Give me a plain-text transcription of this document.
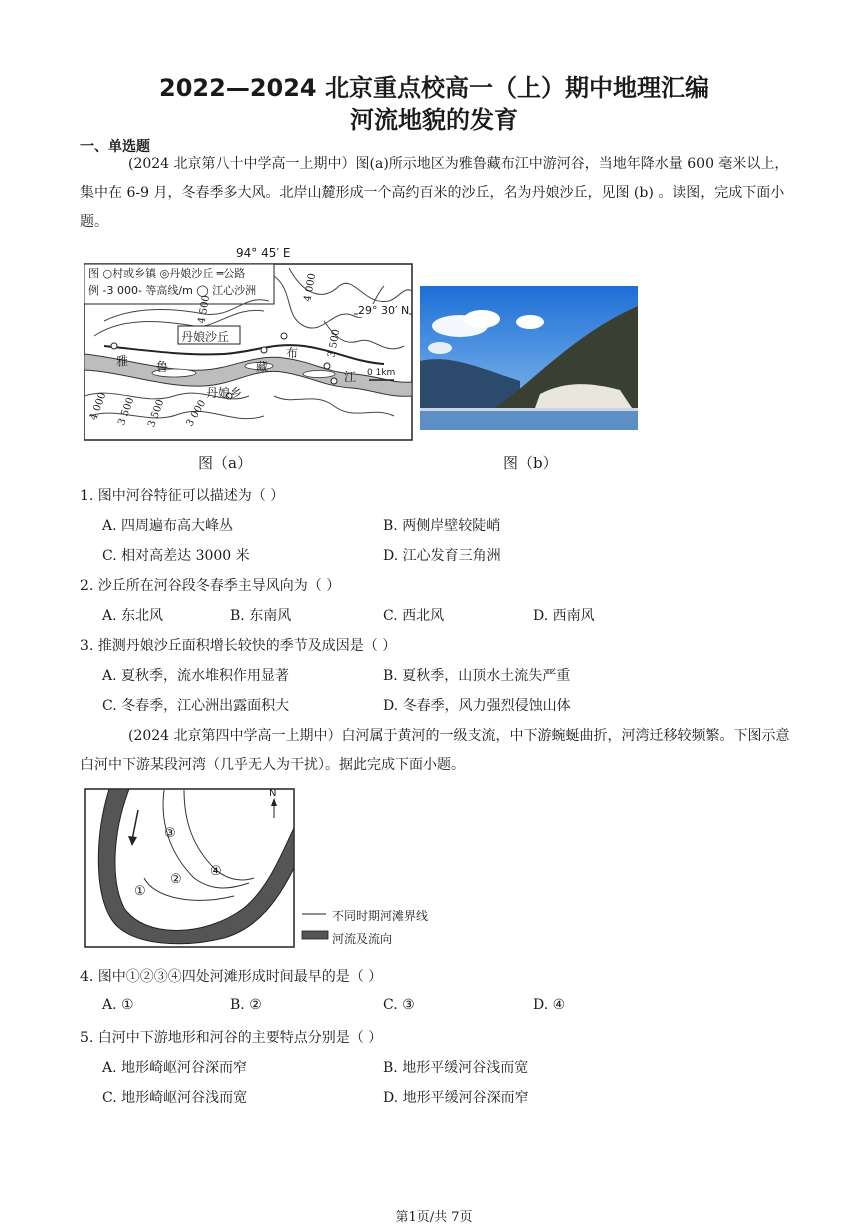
2022—2024 北京重点校高一（上）期中地理汇编
河流地貌的发育
一、单选题
(2024 北京第八十中学高一上期中）图(a)所示地区为雅鲁藏布江中游河谷，当地年降水量 600 毫米以上，集中在 6-9 月，冬春季多大风。北岸山麓形成一个高约百米的沙丘，名为丹娘沙丘，见图 (b) 。读图，完成下面小题。
94° 45′ E
29° 30′ N
图 ○村或乡镇 ◎丹娘沙丘 ═公路
例 -3 000- 等高线/m ◯ 江心沙洲
丹娘沙丘
雅 鲁	藏
布
江
丹娘乡
0 1km
4 500
4 000
3 500
4 000 3 500	3 000
3 500
图（a）	图（b）
1. 图中河谷特征可以描述为（ ）
A. 四周遍布高大峰丛	B. 两侧岸壁较陡峭
C. 相对高差达 3000 米	D. 江心发育三角洲
2. 沙丘所在河谷段冬春季主导风向为（ ）
A. 东北风	B. 东南风	C. 西北风	D. 西南风
3. 推测丹娘沙丘面积增长较快的季节及成因是（ ）
A. 夏秋季，流水堆积作用显著	B. 夏秋季，山顶水土流失严重
C. 冬春季，江心洲出露面积大	D. 冬春季，风力强烈侵蚀山体
(2024 北京第四中学高一上期中）白河属于黄河的一级支流，中下游蜿蜒曲折，河湾迁移较频繁。下图示意白河中下游某段河湾（几乎无人为干扰）。据此完成下面小题。
N
①
②
③
④
不同时期河滩界线
河流及流向
4. 图中①②③④四处河滩形成时间最早的是（ ）
A. ①	B. ②	C. ③	D. ④
5. 白河中下游地形和河谷的主要特点分别是（ ）
A. 地形崎岖河谷深而窄	B. 地形平缓河谷浅而宽
C. 地形崎岖河谷浅而宽	D. 地形平缓河谷深而窄
第1页/共 7页
